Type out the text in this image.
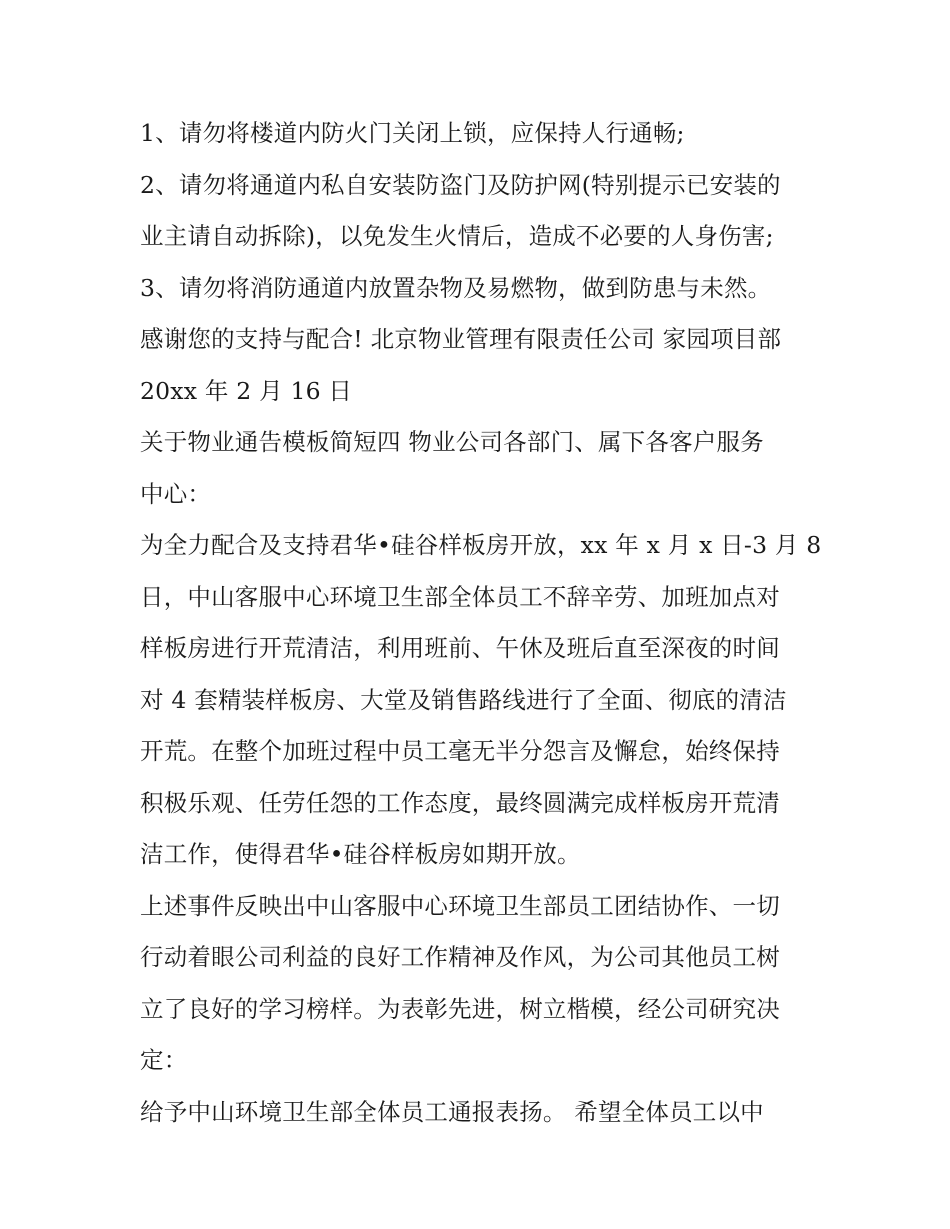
1、请勿将楼道内防火门关闭上锁，应保持人行通畅;
2、请勿将通道内私自安装防盗门及防护网(特别提示已安装的
业主请自动拆除)，以免发生火情后，造成不必要的人身伤害;
3、请勿将消防通道内放置杂物及易燃物，做到防患与未然。
感谢您的支持与配合! 北京物业管理有限责任公司 家园项目部
20xx 年 2 月 16 日
关于物业通告模板简短四 物业公司各部门、属下各客户服务
中心：
为全力配合及支持君华•硅谷样板房开放，xx 年 x 月 x 日-3 月 8
日，中山客服中心环境卫生部全体员工不辞辛劳、加班加点对
样板房进行开荒清洁，利用班前、午休及班后直至深夜的时间
对 4 套精装样板房、大堂及销售路线进行了全面、彻底的清洁
开荒。在整个加班过程中员工毫无半分怨言及懈怠，始终保持
积极乐观、任劳任怨的工作态度，最终圆满完成样板房开荒清
洁工作，使得君华•硅谷样板房如期开放。
上述事件反映出中山客服中心环境卫生部员工团结协作、一切
行动着眼公司利益的良好工作精神及作风，为公司其他员工树
立了良好的学习榜样。为表彰先进，树立楷模，经公司研究决
定：
给予中山环境卫生部全体员工通报表扬。 希望全体员工以中
